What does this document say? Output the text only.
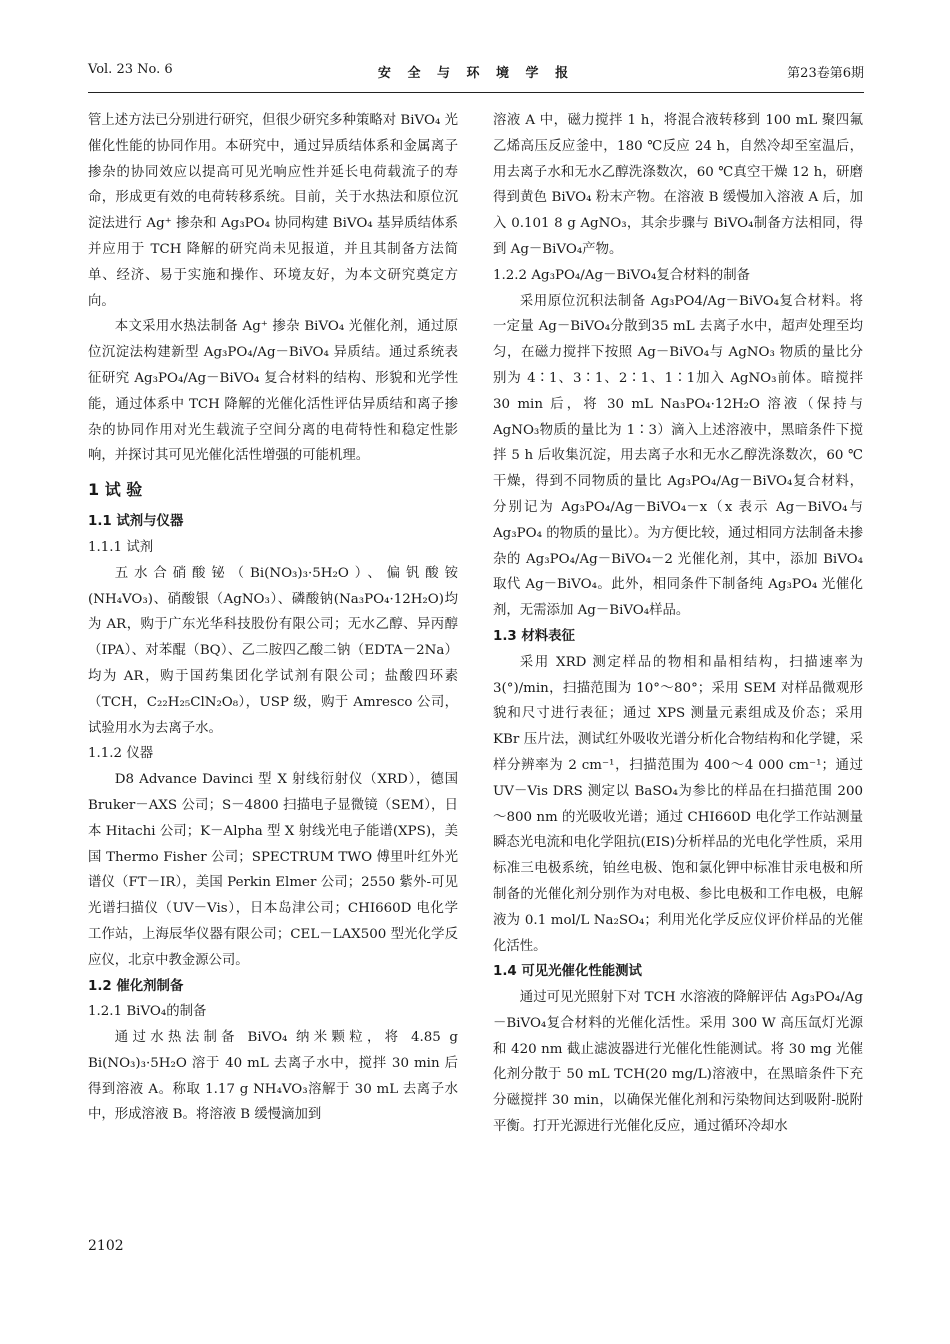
Vol. 23 No. 6	安 全 与 环 境 学 报	第23卷第6期

管上述方法已分别进行研究，但很少研究多种策略对 BiVO₄ 光催化性能的协同作用。本研究中，通过异质结体系和金属离子掺杂的协同效应以提高可见光响应性并延长电荷载流子的寿命，形成更有效的电荷转移系统。目前，关于水热法和原位沉淀法进行 Ag⁺ 掺杂和 Ag₃PO₄ 协同构建 BiVO₄ 基异质结体系并应用于 TCH 降解的研究尚未见报道，并且其制备方法简单、经济、易于实施和操作、环境友好，为本文研究奠定方向。

本文采用水热法制备 Ag⁺ 掺杂 BiVO₄ 光催化剂，通过原位沉淀法构建新型 Ag₃PO₄/Ag－BiVO₄ 异质结。通过系统表征研究 Ag₃PO₄/Ag－BiVO₄ 复合材料的结构、形貌和光学性能，通过体系中 TCH 降解的光催化活性评估异质结和离子掺杂的协同作用对光生载流子空间分离的电荷特性和稳定性影响，并探讨其可见光催化活性增强的可能机理。

1 试 验
1.1 试剂与仪器
1.1.1 试剂

五水合硝酸铋（Bi(NO₃)₃·5H₂O）、偏钒酸铵(NH₄VO₃)、硝酸银（AgNO₃）、磷酸钠(Na₃PO₄·12H₂O)均为 AR，购于广东光华科技股份有限公司；无水乙醇、异丙醇（IPA）、对苯醌（BQ）、乙二胺四乙酸二钠（EDTA－2Na）均为 AR，购于国药集团化学试剂有限公司；盐酸四环素（TCH，C₂₂H₂₅ClN₂O₈），USP 级，购于 Amresco 公司，试验用水为去离子水。

1.1.2 仪器

D8 Advance Davinci 型 X 射线衍射仪（XRD），德国 Bruker－AXS 公司；S－4800 扫描电子显微镜（SEM），日本 Hitachi 公司；K－Alpha 型 X 射线光电子能谱(XPS)，美国 Thermo Fisher 公司；SPECTRUM TWO 傅里叶红外光谱仪（FT－IR），美国 Perkin Elmer 公司；2550 紫外-可见光谱扫描仪（UV－Vis），日本岛津公司；CHI660D 电化学工作站，上海辰华仪器有限公司；CEL－LAX500 型光化学反应仪，北京中教金源公司。

1.2 催化剂制备
1.2.1 BiVO₄的制备

通过水热法制备 BiVO₄ 纳米颗粒，将 4.85 g Bi(NO₃)₃·5H₂O 溶于 40 mL 去离子水中，搅拌 30 min 后得到溶液 A。称取 1.17 g NH₄VO₃溶解于 30 mL 去离子水中，形成溶液 B。将溶液 B 缓慢滴加到

溶液 A 中，磁力搅拌 1 h，将混合液转移到 100 mL 聚四氟乙烯高压反应釜中，180 ℃反应 24 h，自然冷却至室温后，用去离子水和无水乙醇洗涤数次，60 ℃真空干燥 12 h，研磨得到黄色 BiVO₄ 粉末产物。在溶液 B 缓慢加入溶液 A 后，加入 0.101 8 g AgNO₃，其余步骤与 BiVO₄制备方法相同，得到 Ag－BiVO₄产物。

1.2.2 Ag₃PO₄/Ag－BiVO₄复合材料的制备

采用原位沉积法制备 Ag₃PO4/Ag－BiVO₄复合材料。将一定量 Ag－BiVO₄分散到35 mL 去离子水中，超声处理至均匀，在磁力搅拌下按照 Ag－BiVO₄与 AgNO₃ 物质的量比分别为 4∶1、3∶1、2∶1、1∶1加入 AgNO₃前体。暗搅拌 30 min 后，将 30 mL Na₃PO₄·12H₂O 溶液（保持与 AgNO₃物质的量比为 1∶3）滴入上述溶液中，黑暗条件下搅拌 5 h 后收集沉淀，用去离子水和无水乙醇洗涤数次，60 ℃干燥，得到不同物质的量比 Ag₃PO₄/Ag－BiVO₄复合材料，分别记为 Ag₃PO₄/Ag－BiVO₄－x（x 表示 Ag－BiVO₄与 Ag₃PO₄ 的物质的量比）。为方便比较，通过相同方法制备未掺杂的 Ag₃PO₄/Ag－BiVO₄－2 光催化剂，其中，添加 BiVO₄ 取代 Ag－BiVO₄。此外，相同条件下制备纯 Ag₃PO₄ 光催化剂，无需添加 Ag－BiVO₄样品。

1.3 材料表征

采用 XRD 测定样品的物相和晶相结构，扫描速率为 3(°)/min，扫描范围为 10°～80°；采用 SEM 对样品微观形貌和尺寸进行表征；通过 XPS 测量元素组成及价态；采用 KBr 压片法，测试红外吸收光谱分析化合物结构和化学键，采样分辨率为 2 cm⁻¹，扫描范围为 400～4 000 cm⁻¹；通过 UV－Vis DRS 测定以 BaSO₄为参比的样品在扫描范围 200～800 nm 的光吸收光谱；通过 CHI660D 电化学工作站测量瞬态光电流和电化学阻抗(EIS)分析样品的光电化学性质，采用标准三电极系统，铂丝电极、饱和氯化钾中标准甘汞电极和所制备的光催化剂分别作为对电极、参比电极和工作电极，电解液为 0.1 mol/L Na₂SO₄；利用光化学反应仪评价样品的光催化活性。

1.4 可见光催化性能测试

通过可见光照射下对 TCH 水溶液的降解评估 Ag₃PO₄/Ag－BiVO₄复合材料的光催化活性。采用 300 W 高压氙灯光源和 420 nm 截止滤波器进行光催化性能测试。将 30 mg 光催化剂分散于 50 mL TCH(20 mg/L)溶液中，在黑暗条件下充分磁搅拌 30 min，以确保光催化剂和污染物间达到吸附-脱附平衡。打开光源进行光催化反应，通过循环冷却水

2102
